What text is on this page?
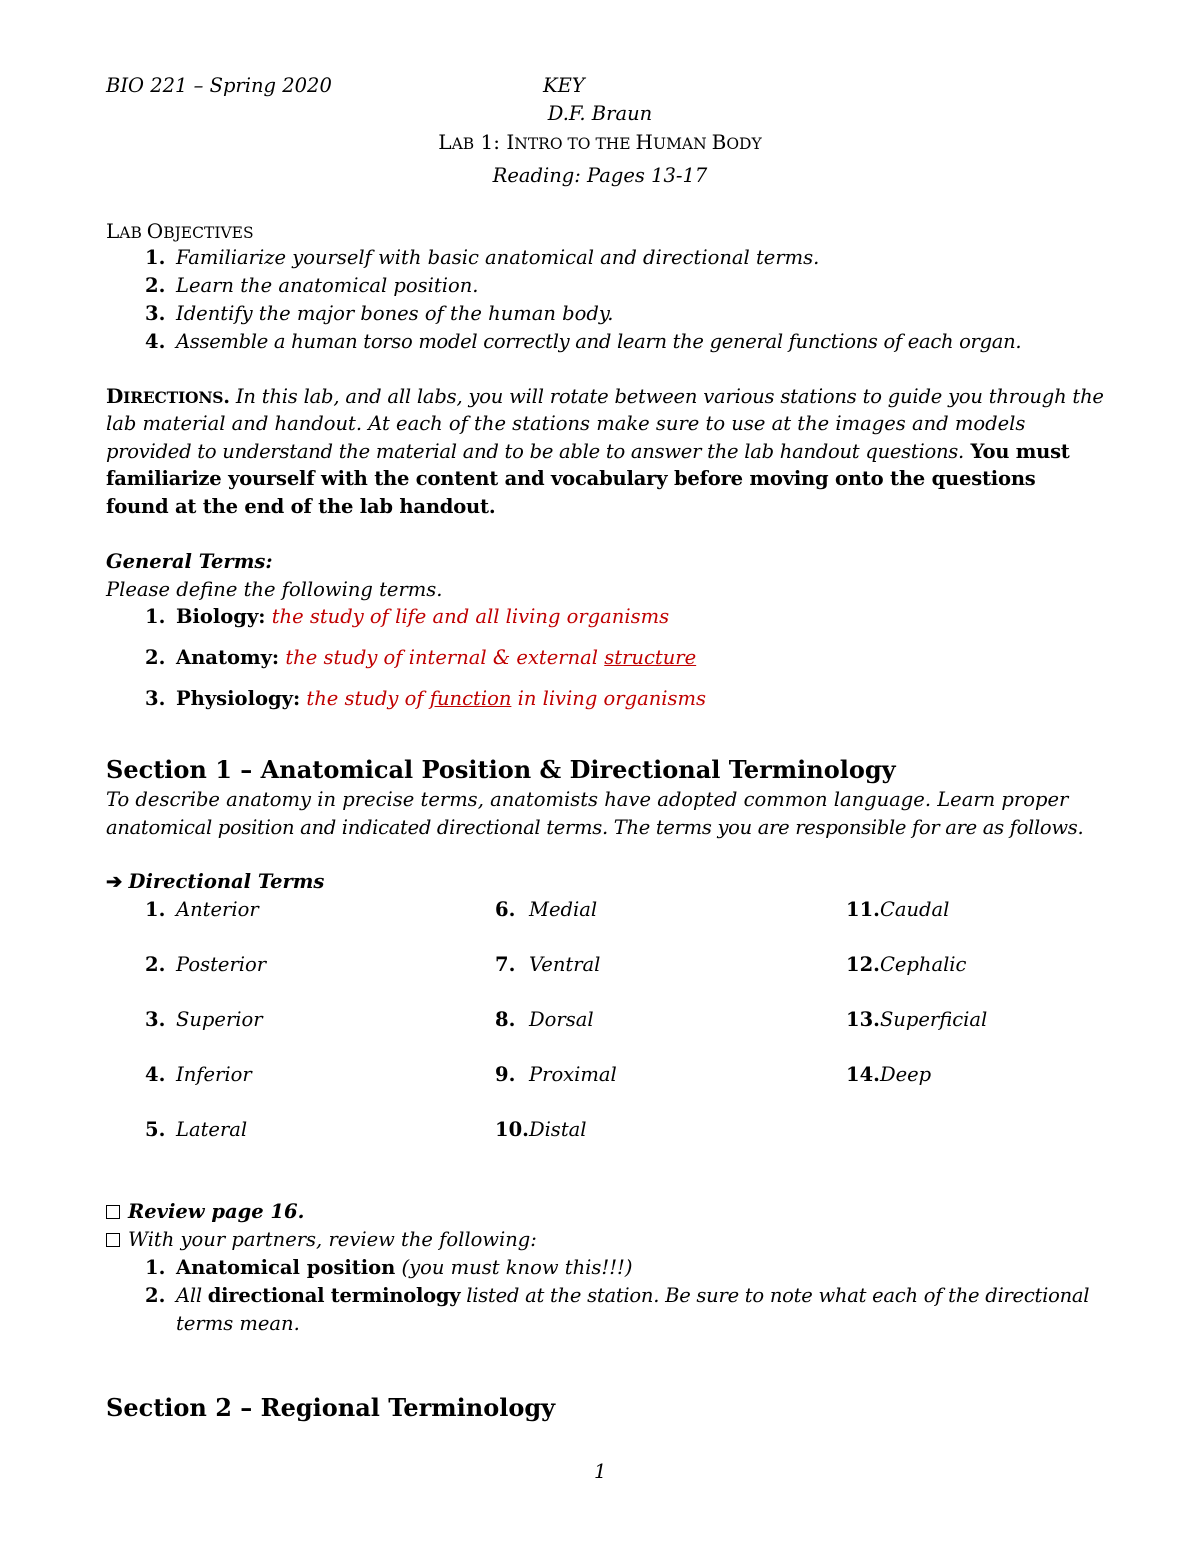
BIO 221 – Spring 2020	KEY
D.F. Braun
LAB 1: INTRO TO THE HUMAN BODY
Reading: Pages 13-17
LAB OBJECTIVES
1. Familiarize yourself with basic anatomical and directional terms.
2. Learn the anatomical position.
3. Identify the major bones of the human body.
4. Assemble a human torso model correctly and learn the general functions of each organ.
DIRECTIONS. In this lab, and all labs, you will rotate between various stations to guide you through the
lab material and handout. At each of the stations make sure to use at the images and models
provided to understand the material and to be able to answer the lab handout questions. You must
familiarize yourself with the content and vocabulary before moving onto the questions
found at the end of the lab handout.
General Terms:
Please define the following terms.
1. Biology: the study of life and all living organisms
2. Anatomy: the study of internal & external structure
3. Physiology: the study of function in living organisms
Section 1 – Anatomical Position & Directional Terminology
To describe anatomy in precise terms, anatomists have adopted common language. Learn proper
anatomical position and indicated directional terms. The terms you are responsible for are as follows.
➔ Directional Terms
1. Anterior
2. Posterior
3. Superior
4. Inferior
5. Lateral
6. Medial
7. Ventral
8. Dorsal
9. Proximal
10.Distal
11.Caudal
12.Cephalic
13.Superficial
14.Deep
Review page 16.
With your partners, review the following:
1. Anatomical position (you must know this!!!)
2. All directional terminology listed at the station. Be sure to note what each of the directional
terms mean.
Section 2 – Regional Terminology
1
